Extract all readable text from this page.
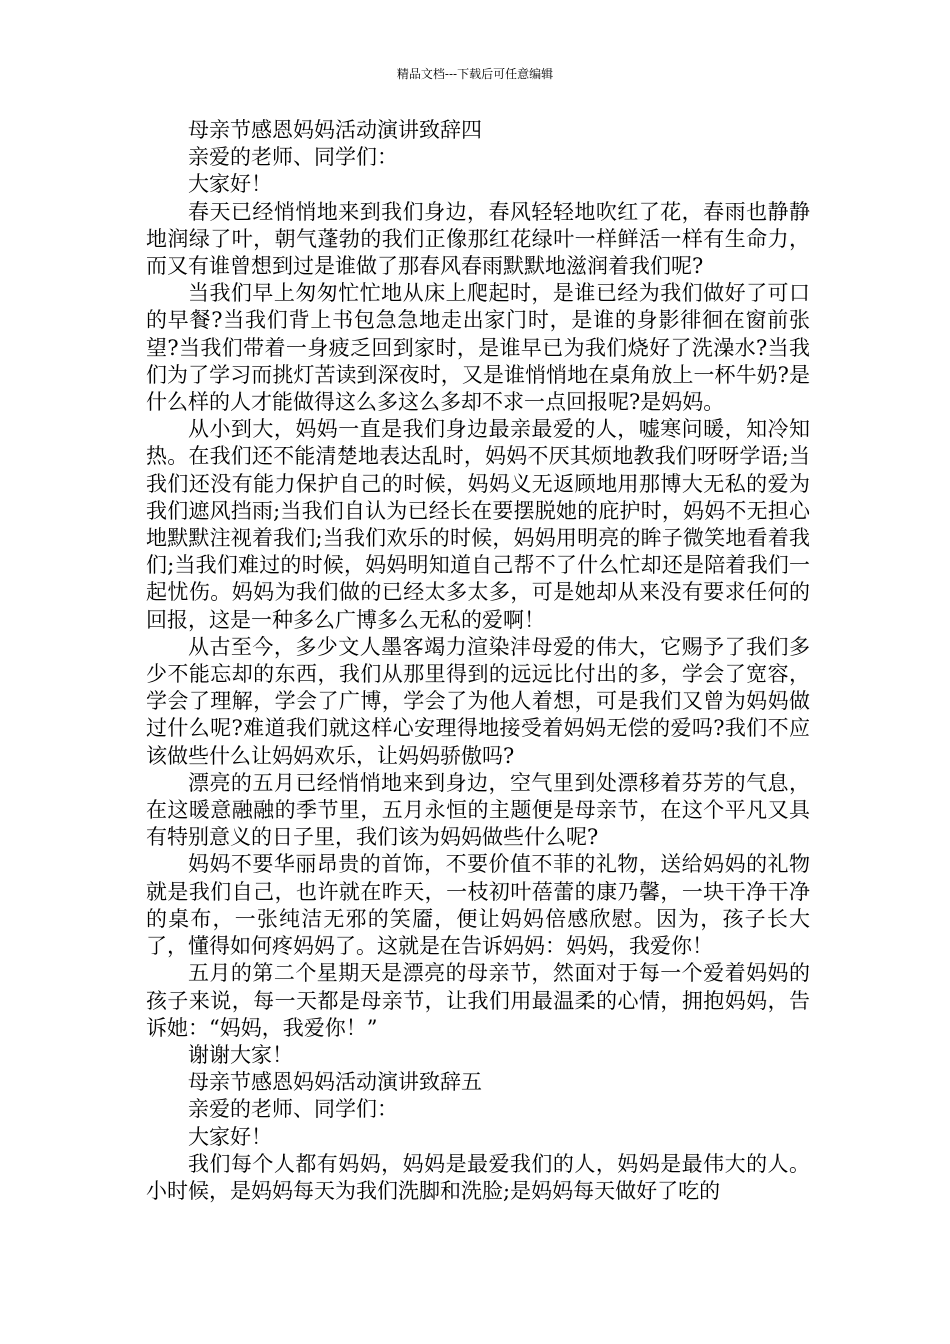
精品文档---下载后可任意编辑

母亲节感恩妈妈活动演讲致辞四

亲爱的老师、同学们：

大家好！

春天已经悄悄地来到我们身边，春风轻轻地吹红了花，春雨也静静地润绿了叶，朝气蓬勃的我们正像那红花绿叶一样鲜活一样有生命力，而又有谁曾想到过是谁做了那春风春雨默默地滋润着我们呢?

当我们早上匆匆忙忙地从床上爬起时，是谁已经为我们做好了可口的早餐?当我们背上书包急急地走出家门时，是谁的身影徘徊在窗前张望?当我们带着一身疲乏回到家时，是谁早已为我们烧好了洗澡水?当我们为了学习而挑灯苦读到深夜时，又是谁悄悄地在桌角放上一杯牛奶?是什么样的人才能做得这么多这么多却不求一点回报呢?是妈妈。

从小到大，妈妈一直是我们身边最亲最爱的人，嘘寒问暖，知冷知热。在我们还不能清楚地表达乱时，妈妈不厌其烦地教我们呀呀学语;当我们还没有能力保护自己的时候，妈妈义无返顾地用那博大无私的爱为我们遮风挡雨;当我们自认为已经长在要摆脱她的庇护时，妈妈不无担心地默默注视着我们;当我们欢乐的时候，妈妈用明亮的眸子微笑地看着我们;当我们难过的时候，妈妈明知道自己帮不了什么忙却还是陪着我们一起忧伤。妈妈为我们做的已经太多太多，可是她却从来没有要求任何的回报，这是一种多么广博多么无私的爱啊！

从古至今，多少文人墨客竭力渲染沣母爱的伟大，它赐予了我们多少不能忘却的东西，我们从那里得到的远远比付出的多，学会了宽容，学会了理解，学会了广博，学会了为他人着想，可是我们又曾为妈妈做过什么呢?难道我们就这样心安理得地接受着妈妈无偿的爱吗?我们不应该做些什么让妈妈欢乐，让妈妈骄傲吗?

漂亮的五月已经悄悄地来到身边，空气里到处漂移着芬芳的气息，在这暖意融融的季节里，五月永恒的主题便是母亲节，在这个平凡又具有特别意义的日子里，我们该为妈妈做些什么呢?

妈妈不要华丽昂贵的首饰，不要价值不菲的礼物，送给妈妈的礼物就是我们自己，也许就在昨天，一枝初叶蓓蕾的康乃馨，一块干净干净的桌布，一张纯洁无邪的笑靥，便让妈妈倍感欣慰。因为，孩子长大了，懂得如何疼妈妈了。这就是在告诉妈妈：妈妈，我爱你！

五月的第二个星期天是漂亮的母亲节，然面对于每一个爱着妈妈的孩子来说，每一天都是母亲节，让我们用最温柔的心情，拥抱妈妈，告诉她：“妈妈，我爱你！”

谢谢大家！

母亲节感恩妈妈活动演讲致辞五

亲爱的老师、同学们：

大家好！

我们每个人都有妈妈，妈妈是最爱我们的人，妈妈是最伟大的人。小时候，是妈妈每天为我们洗脚和洗脸;是妈妈每天做好了吃的
